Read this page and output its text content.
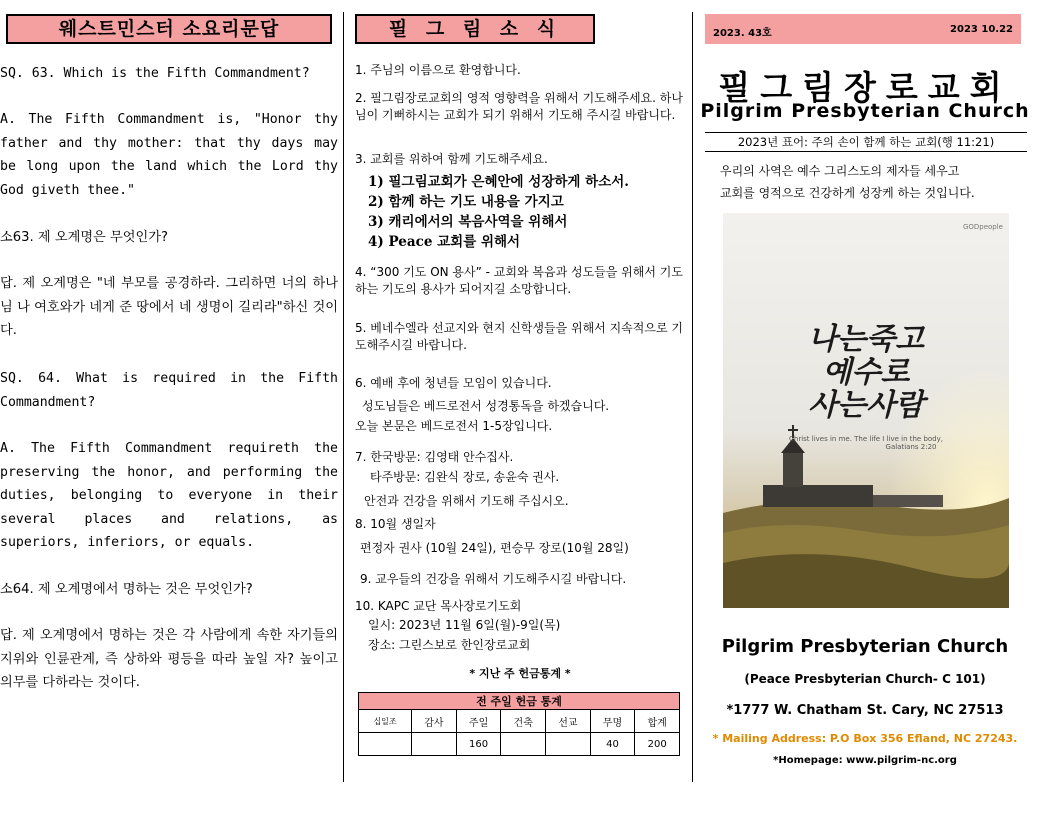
웨스트민스터 소요리문답

SQ. 63. Which is the Fifth Commandment?

A. The Fifth Commandment is, "Honor thy father and thy mother: that thy days may be long upon the land which the Lord thy God giveth thee."

소63. 제 오계명은 무엇인가?

답. 제 오계명은 "네 부모를 공경하라. 그리하면 너의 하나님 나 여호와가 네게 준 땅에서 네 생명이 길리라"하신 것이다.

SQ. 64. What is required in the Fifth Commandment?

A. The Fifth Commandment requireth the preserving the honor, and performing the duties, belonging to everyone in their several places and relations, as superiors, inferiors, or equals.

소64. 제 오계명에서 명하는 것은 무엇인가?

답. 제 오계명에서 명하는 것은 각 사람에게 속한 자기들의 지위와 인륜관계, 즉 상하와 평등을 따라 높일 자? 높이고 의무를 다하라는 것이다.

필 그 림 소 식

1. 주님의 이름으로 환영합니다.

2. 필그림장로교회의 영적 영향력을 위해서 기도해주세요. 하나님이 기뻐하시는 교회가 되기 위해서 기도해 주시길 바랍니다.

3. 교회를 위하여 함께 기도해주세요.

1) 필그림교회가 은혜안에 성장하게 하소서.
2) 함께 하는 기도 내용을 가지고
3) 캐리에서의 복음사역을 위해서
4) Peace 교회를 위해서

4. “300 기도 ON 용사” - 교회와 복음과 성도들을 위해서 기도하는 기도의 용사가 되어지길 소망합니다.

5. 베네수엘라 선교지와 현지 신학생들을 위해서 지속적으로 기도해주시길 바랍니다.

6. 예배 후에 청년들 모임이 있습니다.

성도님들은 베드로전서 성경통독을 하겠습니다.

오늘 본문은 베드로전서 1-5장입니다.

7. 한국방문: 김영태 안수집사.

타주방문: 김완식 장로, 송윤숙 권사.

안전과 건강을 위해서 기도해 주십시오.

8. 10월 생일자

편정자 권사 (10월 24일), 편승무 장로(10월 28일)

9. 교우들의 건강을 위해서 기도해주시길 바랍니다.

10. KAPC 교단 목사장로기도회

일시: 2023년 11월 6일(월)-9일(목)

장소: 그린스보로 한인장로교회

* 지난 주 헌금통계 *

전 주일 헌금 통계						
십일조	감사	주일	건축	선교	무명	합계
		160			40	200
2023. 43호	2023 10.22
필그림장로교회
Pilgrim Presbyterian Church
2023년 표어: 주의 손이 함께 하는 교회(행 11:21)
우리의 사역은 예수 그리스도의 제자들 세우고
교회를 영적으로 건강하게 성장케 하는 것입니다.
GODpeople
나는죽고
예수로
사는사람
Christ lives in me. The life I live in the body,
Galatians 2:20
Pilgrim Presbyterian Church
(Peace Presbyterian Church- C 101)
*1777 W. Chatham St. Cary, NC 27513
* Mailing Address: P.O Box 356 Efland, NC 27243.
*Homepage: www.pilgrim-nc.org
